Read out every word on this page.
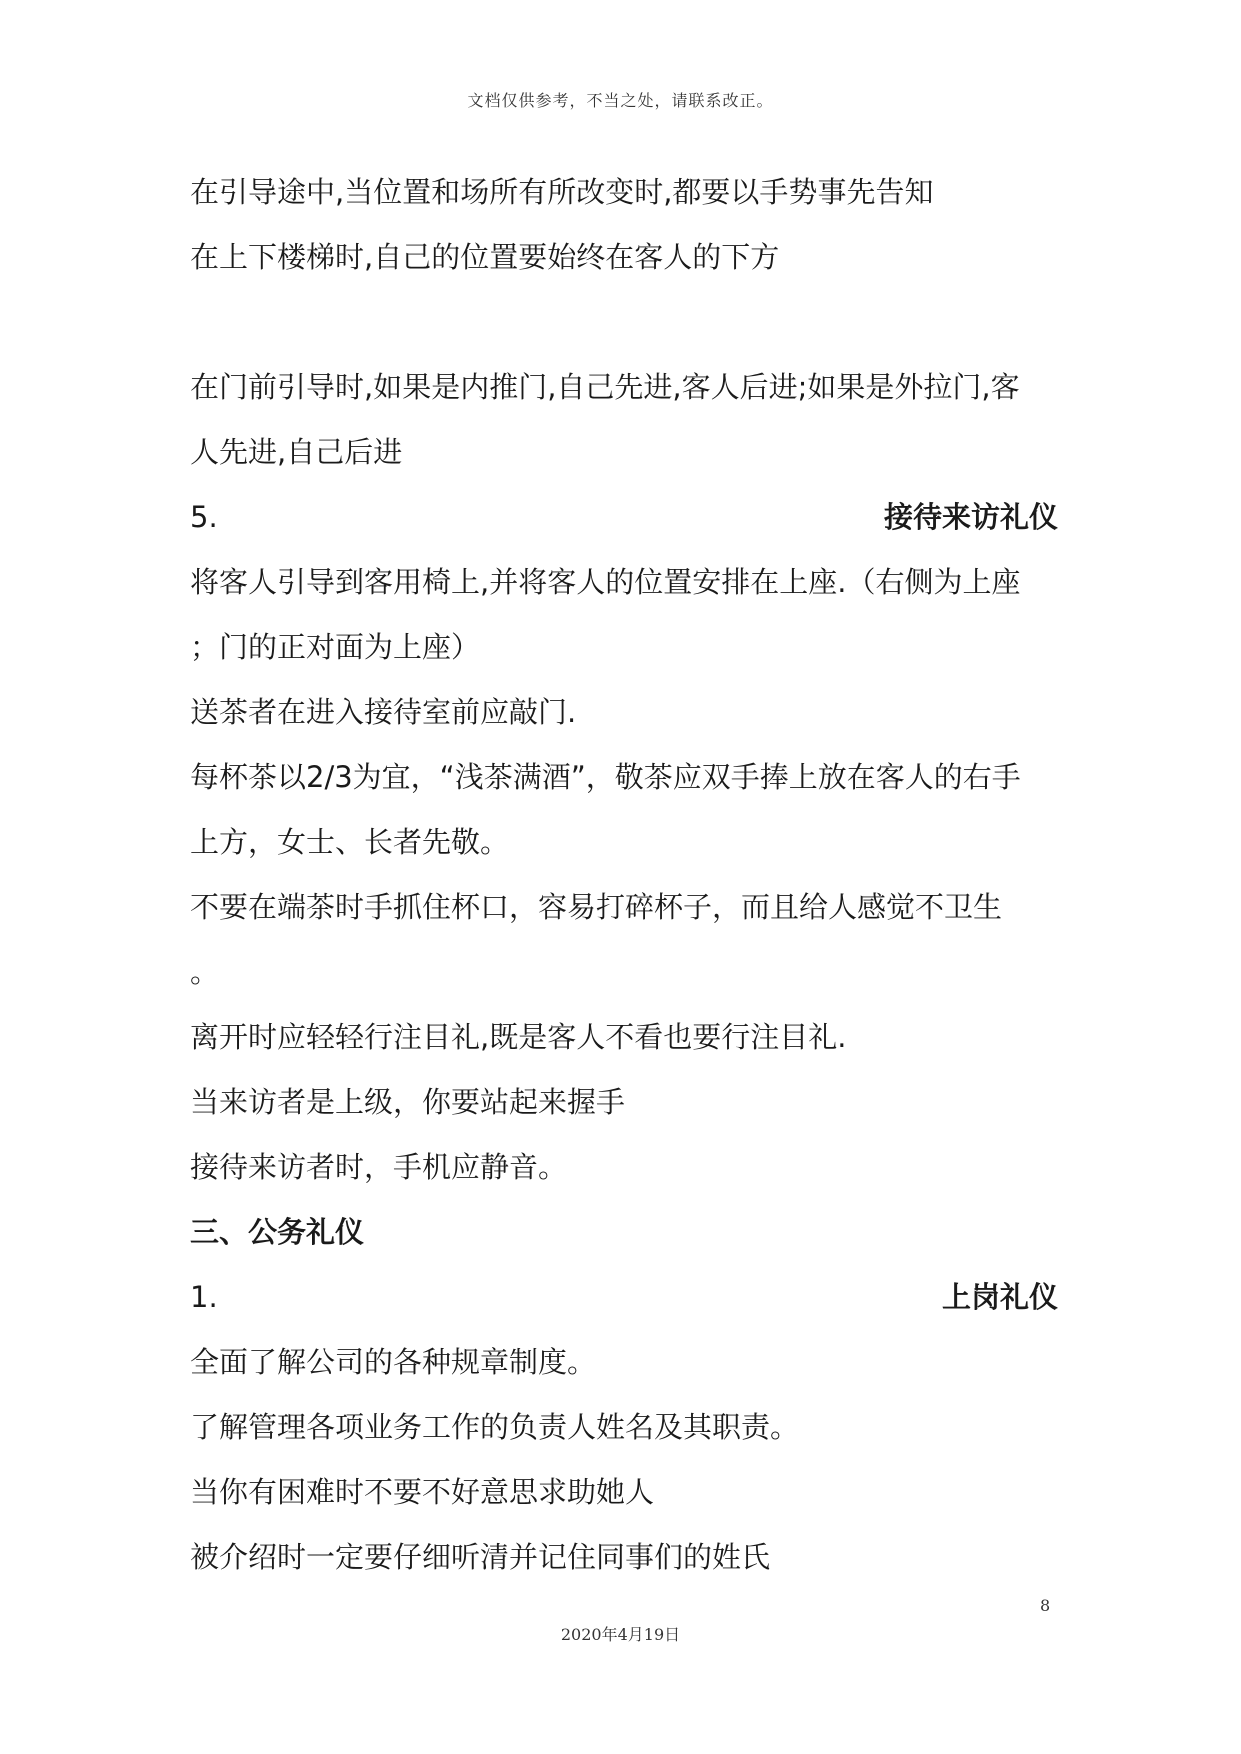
文档仅供参考，不当之处，请联系改正。
在引导途中,当位置和场所有所改变时,都要以手势事先告知
在上下楼梯时,自己的位置要始终在客人的下方
在门前引导时,如果是内推门,自己先进,客人后进;如果是外拉门,客
人先进,自己后进
5.	接待来访礼仪
将客人引导到客用椅上,并将客人的位置安排在上座.（右侧为上座
；门的正对面为上座）
送茶者在进入接待室前应敲门.
每杯茶以2/3为宜，“浅茶满酒”，敬茶应双手捧上放在客人的右手
上方，女士、长者先敬。
不要在端茶时手抓住杯口，容易打碎杯子，而且给人感觉不卫生
。
离开时应轻轻行注目礼,既是客人不看也要行注目礼.
当来访者是上级，你要站起来握手
接待来访者时，手机应静音。
三、公务礼仪
1.	上岗礼仪
全面了解公司的各种规章制度。
了解管理各项业务工作的负责人姓名及其职责。
当你有困难时不要不好意思求助她人
被介绍时一定要仔细听清并记住同事们的姓氏
8
2020年4月19日
